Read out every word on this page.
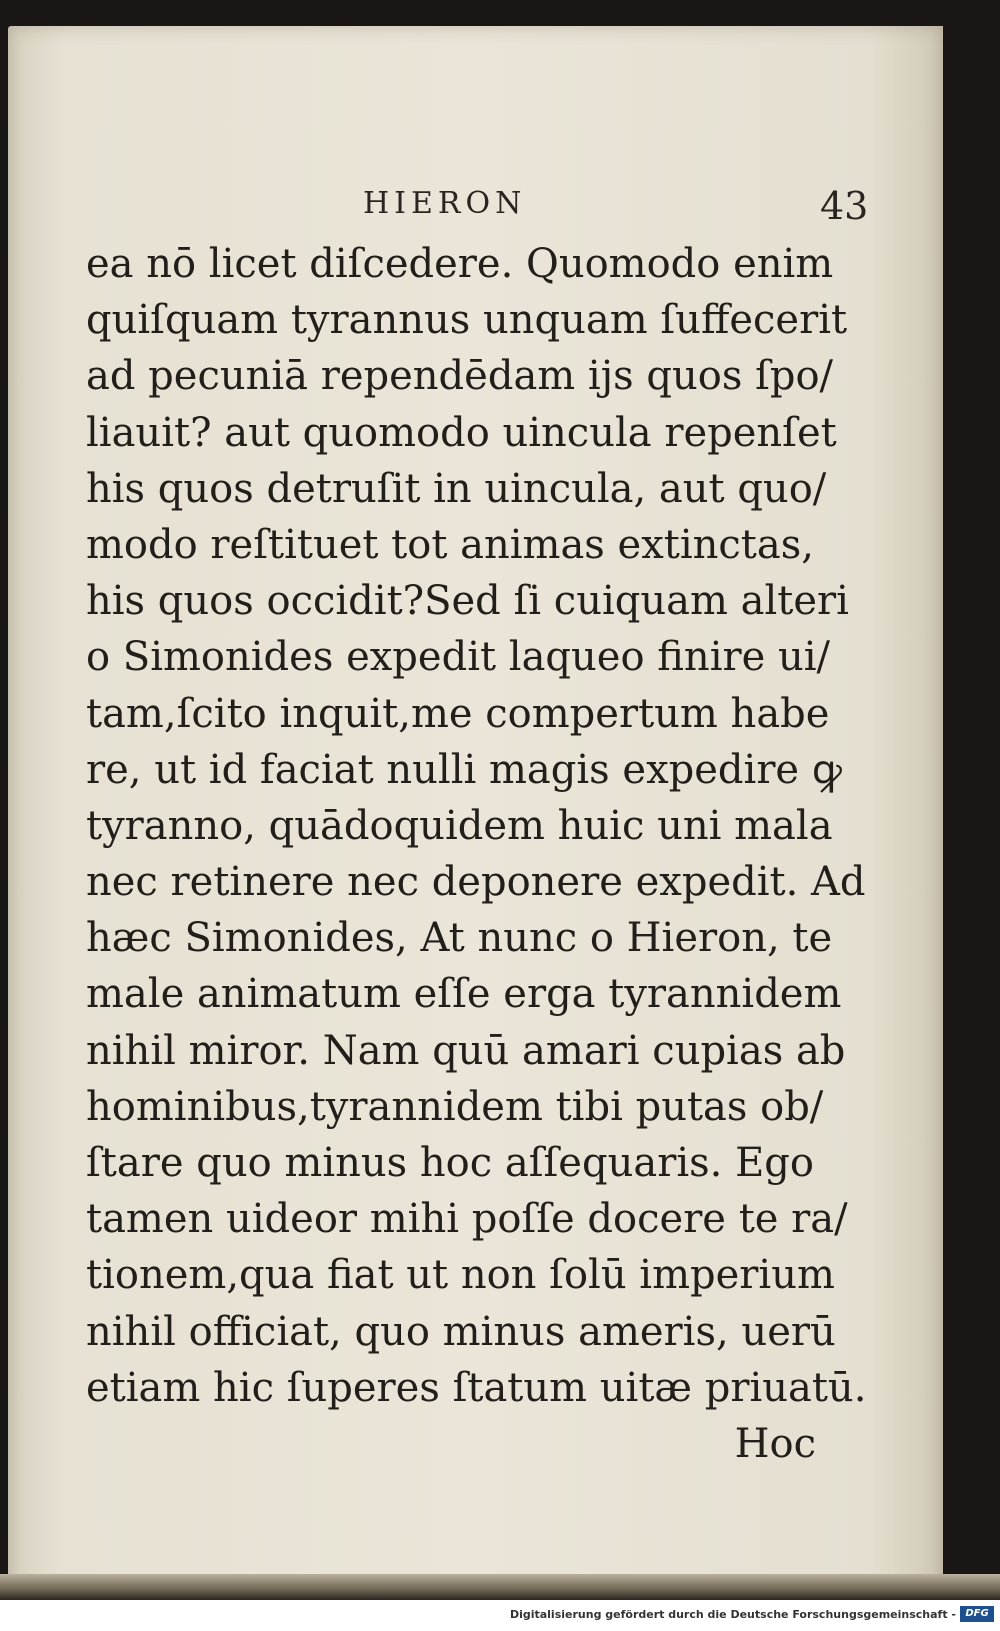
HIERON	43
ea nō licet diſcedere. Quomodo enim
quiſquam tyrannus unquam ſuffecerit
ad pecuniā rependēdam ijs quos ſpo/
liauit? aut quomodo uincula repenſet
his quos detruſit in uincula, aut quo/
modo reſtituet tot animas extinctas,
his quos occidit?Sed ſi cuiquam alteri
o Simonides expedit laqueo finire ui/
tam,ſcito inquit,me compertum habe
re, ut id faciat nulli magis expedire ꝙ
tyranno, quādoquidem huic uni mala
nec retinere nec deponere expedit. Ad
hæc Simonides, At nunc o Hieron, te
male animatum eſſe erga tyrannidem
nihil miror. Nam quū amari cupias ab
hominibus,tyrannidem tibi putas ob/
ſtare quo minus hoc aſſequaris. Ego
tamen uideor mihi poſſe docere te ra/
tionem,qua fiat ut non ſolū imperium
nihil officiat, quo minus ameris, uerū
etiam hic ſuperes ſtatum uitæ priuatū.
Hoc
Digitalisierung gefördert durch die Deutsche Forschungsgemeinschaft - DFG
